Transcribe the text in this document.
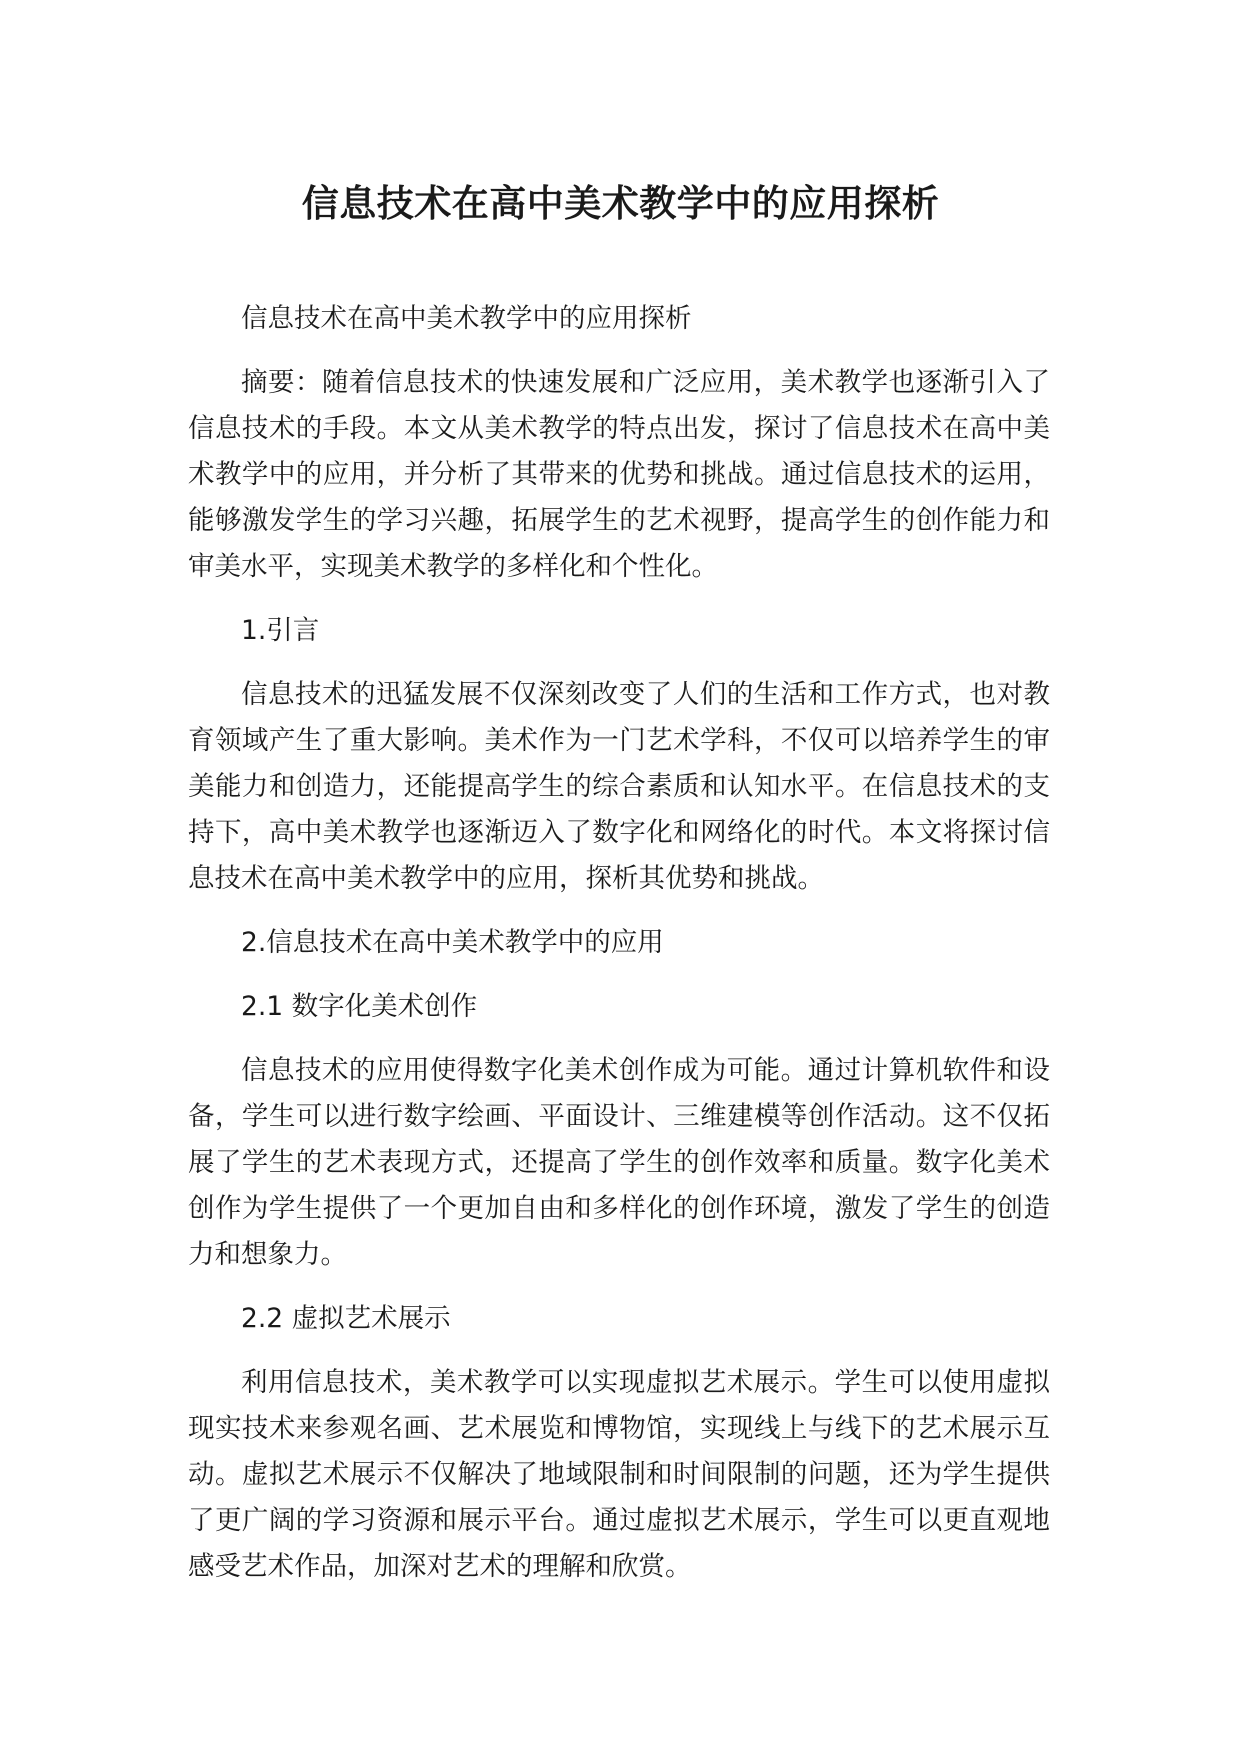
信息技术在高中美术教学中的应用探析

信息技术在高中美术教学中的应用探析

摘要：随着信息技术的快速发展和广泛应用，美术教学也逐渐引入了信息技术的手段。本文从美术教学的特点出发，探讨了信息技术在高中美术教学中的应用，并分析了其带来的优势和挑战。通过信息技术的运用，能够激发学生的学习兴趣，拓展学生的艺术视野，提高学生的创作能力和审美水平，实现美术教学的多样化和个性化。

1.引言

信息技术的迅猛发展不仅深刻改变了人们的生活和工作方式，也对教育领域产生了重大影响。美术作为一门艺术学科，不仅可以培养学生的审美能力和创造力，还能提高学生的综合素质和认知水平。在信息技术的支持下，高中美术教学也逐渐迈入了数字化和网络化的时代。本文将探讨信息技术在高中美术教学中的应用，探析其优势和挑战。

2.信息技术在高中美术教学中的应用

2.1 数字化美术创作

信息技术的应用使得数字化美术创作成为可能。通过计算机软件和设备，学生可以进行数字绘画、平面设计、三维建模等创作活动。这不仅拓展了学生的艺术表现方式，还提高了学生的创作效率和质量。数字化美术创作为学生提供了一个更加自由和多样化的创作环境，激发了学生的创造力和想象力。

2.2 虚拟艺术展示

利用信息技术，美术教学可以实现虚拟艺术展示。学生可以使用虚拟现实技术来参观名画、艺术展览和博物馆，实现线上与线下的艺术展示互动。虚拟艺术展示不仅解决了地域限制和时间限制的问题，还为学生提供了更广阔的学习资源和展示平台。通过虚拟艺术展示，学生可以更直观地感受艺术作品，加深对艺术的理解和欣赏。
